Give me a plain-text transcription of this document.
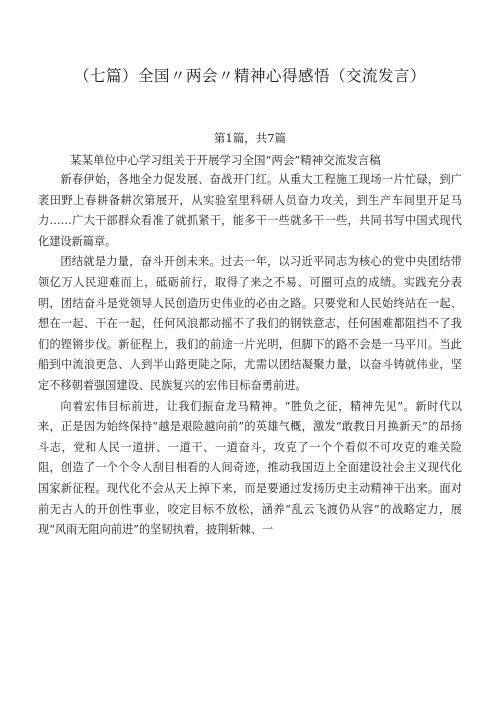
（七篇）全国〃两会〃精神心得感悟（交流发言）
第1篇，共7篇
某某单位中心学习组关于开展学习全国“两会”精神交流发言稿

新春伊始，各地全力促发展、奋战开门红。从重大工程施工现场一片忙碌，到广袤田野上春耕备耕次第展开，从实验室里科研人员奋力攻关，到生产车间里开足马力……广大干部群众看准了就抓紧干，能多干一些就多干一些，共同书写中国式现代化建设新篇章。

团结就是力量，奋斗开创未来。过去一年，以习近平同志为核心的党中央团结带领亿万人民迎难而上，砥砺前行，取得了来之不易、可圈可点的成绩。实践充分表明，团结奋斗是党领导人民创造历史伟业的必由之路。只要党和人民始终站在一起、想在一起、干在一起，任何风浪都动摇不了我们的钢铁意志，任何困难都阻挡不了我们的铿锵步伐。新征程上，我们的前途一片光明，但脚下的路不会是一马平川。当此船到中流浪更急、人到半山路更陡之际，尤需以团结凝聚力量，以奋斗铸就伟业，坚定不移朝着强国建设、民族复兴的宏伟目标奋勇前进。

向着宏伟目标前进，让我们振奋龙马精神。“胜负之征，精神先见”。新时代以来，正是因为始终保持“越是艰险越向前”的英雄气概，激发“敢教日月换新天”的昂扬斗志，党和人民一道拼、一道干、一道奋斗，攻克了一个个看似不可攻克的难关险阻，创造了一个个令人刮目相看的人间奇迹，推动我国迈上全面建设社会主义现代化国家新征程。现代化不会从天上掉下来，而是要通过发扬历史主动精神干出来。面对前无古人的开创性事业，咬定目标不放松，涵养“乱云飞渡仍从容”的战略定力，展现“风雨无阻向前进”的坚韧执着，披荆斩棘、一
